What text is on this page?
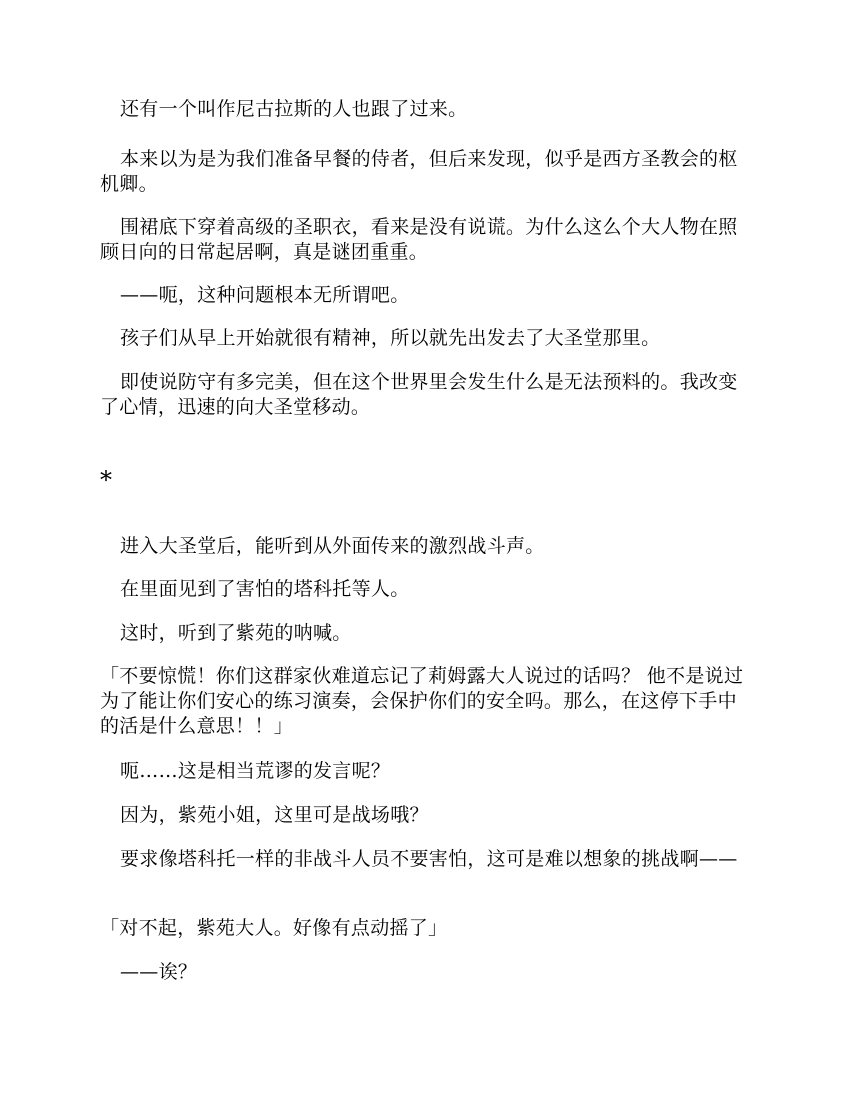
还有一个叫作尼古拉斯的人也跟了过来。

本来以为是为我们准备早餐的侍者，但后来发现，似乎是西方圣教会的枢机卿。

围裙底下穿着高级的圣职衣，看来是没有说谎。为什么这么个大人物在照顾日向的日常起居啊，真是谜团重重。

——呃，这种问题根本无所谓吧。

孩子们从早上开始就很有精神，所以就先出发去了大圣堂那里。

即使说防守有多完美，但在这个世界里会发生什么是无法预料的。我改变了心情，迅速的向大圣堂移动。

*

进入大圣堂后，能听到从外面传来的激烈战斗声。

在里面见到了害怕的塔科托等人。

这时，听到了紫苑的呐喊。

「不要惊慌！你们这群家伙难道忘记了莉姆露大人说过的话吗？ 他不是说过为了能让你们安心的练习演奏，会保护你们的安全吗。那么，在这停下手中的活是什么意思！！」

呃……这是相当荒谬的发言呢？

因为，紫苑小姐，这里可是战场哦？

要求像塔科托一样的非战斗人员不要害怕，这可是难以想象的挑战啊——

「对不起，紫苑大人。好像有点动摇了」

——诶？
